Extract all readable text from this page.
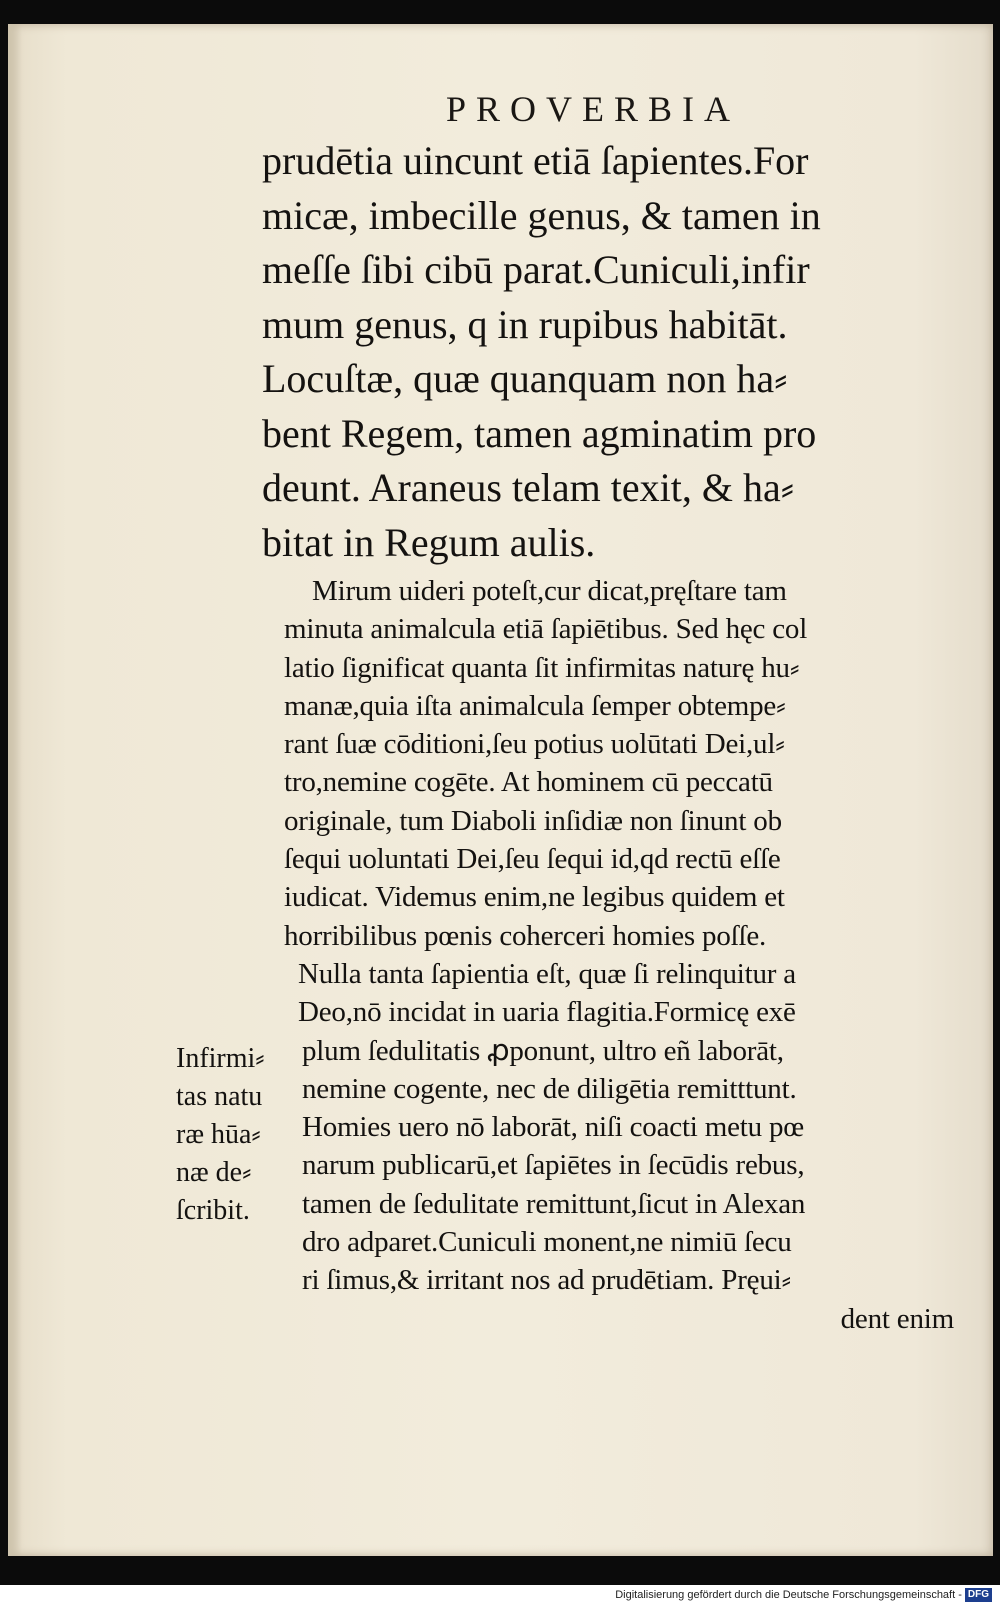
PROVERBIA
prudētia uincunt etiā ſapientes.For
micæ, imbecille genus, & tamen in
meſſe ſibi cibū parat.Cuniculi,infir
mum genus, q in rupibus habitāt.
Locuſtæ, quæ quanquam non ha⸗
bent Regem, tamen agminatim pro
deunt. Araneus telam texit, & ha⸗
bitat in Regum aulis.
Mirum uideri poteſt,cur dicat,pręſtare tam
minuta animalcula etiā ſapiētibus. Sed hęc col
latio ſignificat quanta ſit infirmitas naturę hu⸗
manæ,quia iſta animalcula ſemper obtempe⸗
rant ſuæ cōditioni,ſeu potius uolūtati Dei,ul⸗
tro,nemine cogēte. At hominem cū peccatū
originale, tum Diaboli inſidiæ non ſinunt ob
ſequi uoluntati Dei,ſeu ſequi id,qd rectū eſſe
iudicat. Videmus enim,ne legibus quidem et
horribilibus pœnis coherceri homies poſſe.
Nulla tanta ſapientia eſt, quæ ſi relinquitur a
Deo,nō incidat in uaria flagitia.Formicę exē
plum ſedulitatis ꝓponunt, ultro eñ laborāt,
nemine cogente, nec de diligētia remitttunt.
Homies uero nō laborāt, niſi coacti metu pœ
narum publicarū,et ſapiētes in ſecūdis rebus,
tamen de ſedulitate remittunt,ſicut in Alexan
dro adparet.Cuniculi monent,ne nimiū ſecu
ri ſimus,& irritant nos ad prudētiam. Pręui⸗
dent enim
Infirmi⸗
tas natu
ræ hūa⸗
næ de⸗
ſcribit.
Digitalisierung gefördert durch die Deutsche Forschungsgemeinschaft - DFG
